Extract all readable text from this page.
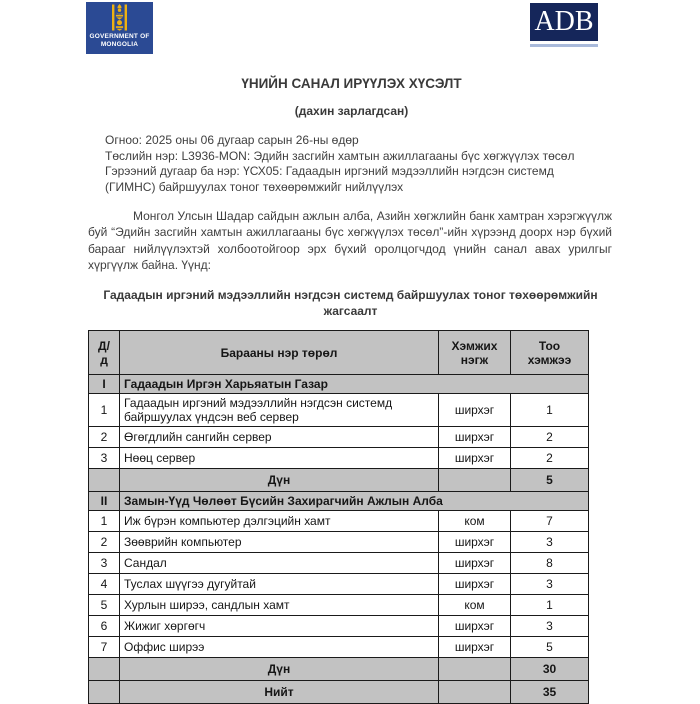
GOVERNMENT OF
MONGOLIA
ADB
ҮНИЙН САНАЛ ИРҮҮЛЭХ ХҮСЭЛТ
(дахин зарлагдсан)
Огноо: 2025 оны 06 дугаар сарын 26-ны өдөр
Төслийн нэр: L3936-MON: Эдийн засгийн хамтын ажиллагааны бүс хөгжүүлэх төсөл
Гэрээний дугаар ба нэр: ҮСХ05: Гадаадын иргэний мэдээллийн нэгдсэн системд
(ГИМНС) байршуулах тоног төхөөрөмжийг нийлүүлэх
Монгол Улсын Шадар сайдын ажлын алба, Азийн хөгжлийн банк хамтран хэрэгжүүлж буй “Эдийн засгийн хамтын ажиллагааны бүс хөгжүүлэх төсөл”-ийн хүрээнд доорх нэр бүхий барааг нийлүүлэхтэй холбоотойгоор эрх бүхий оролцогчдод үнийн санал авах урилгыг хүргүүлж байна. Үүнд:
Гадаадын иргэний мэдээллийн нэгдсэн системд байршуулах тоног төхөөрөмжийн жагсаалт
Д/д	Барааны нэр төрөл	Хэмжих нэгж	Тоо хэмжээ
I	Гадаадын Иргэн Харьяатын Газар		
1	Гадаадын иргэний мэдээллийн нэгдсэн системд байршуулах үндсэн веб сервер	ширхэг	1
2	Өгөгдлийн сангийн сервер	ширхэг	2
3	Нөөц сервер	ширхэг	2
	Дүн		5
II	Замын-Үүд Чөлөөт Бүсийн Захирагчийн Ажлын Алба		
1	Иж бүрэн компьютер дэлгэцийн хамт	ком	7
2	Зөөврийн компьютер	ширхэг	3
3	Сандал	ширхэг	8
4	Туслах шүүгээ дугуйтай	ширхэг	3
5	Хурлын ширээ, сандлын хамт	ком	1
6	Жижиг хөргөгч	ширхэг	3
7	Оффис ширээ	ширхэг	5
	Дүн		30
	Нийт		35
